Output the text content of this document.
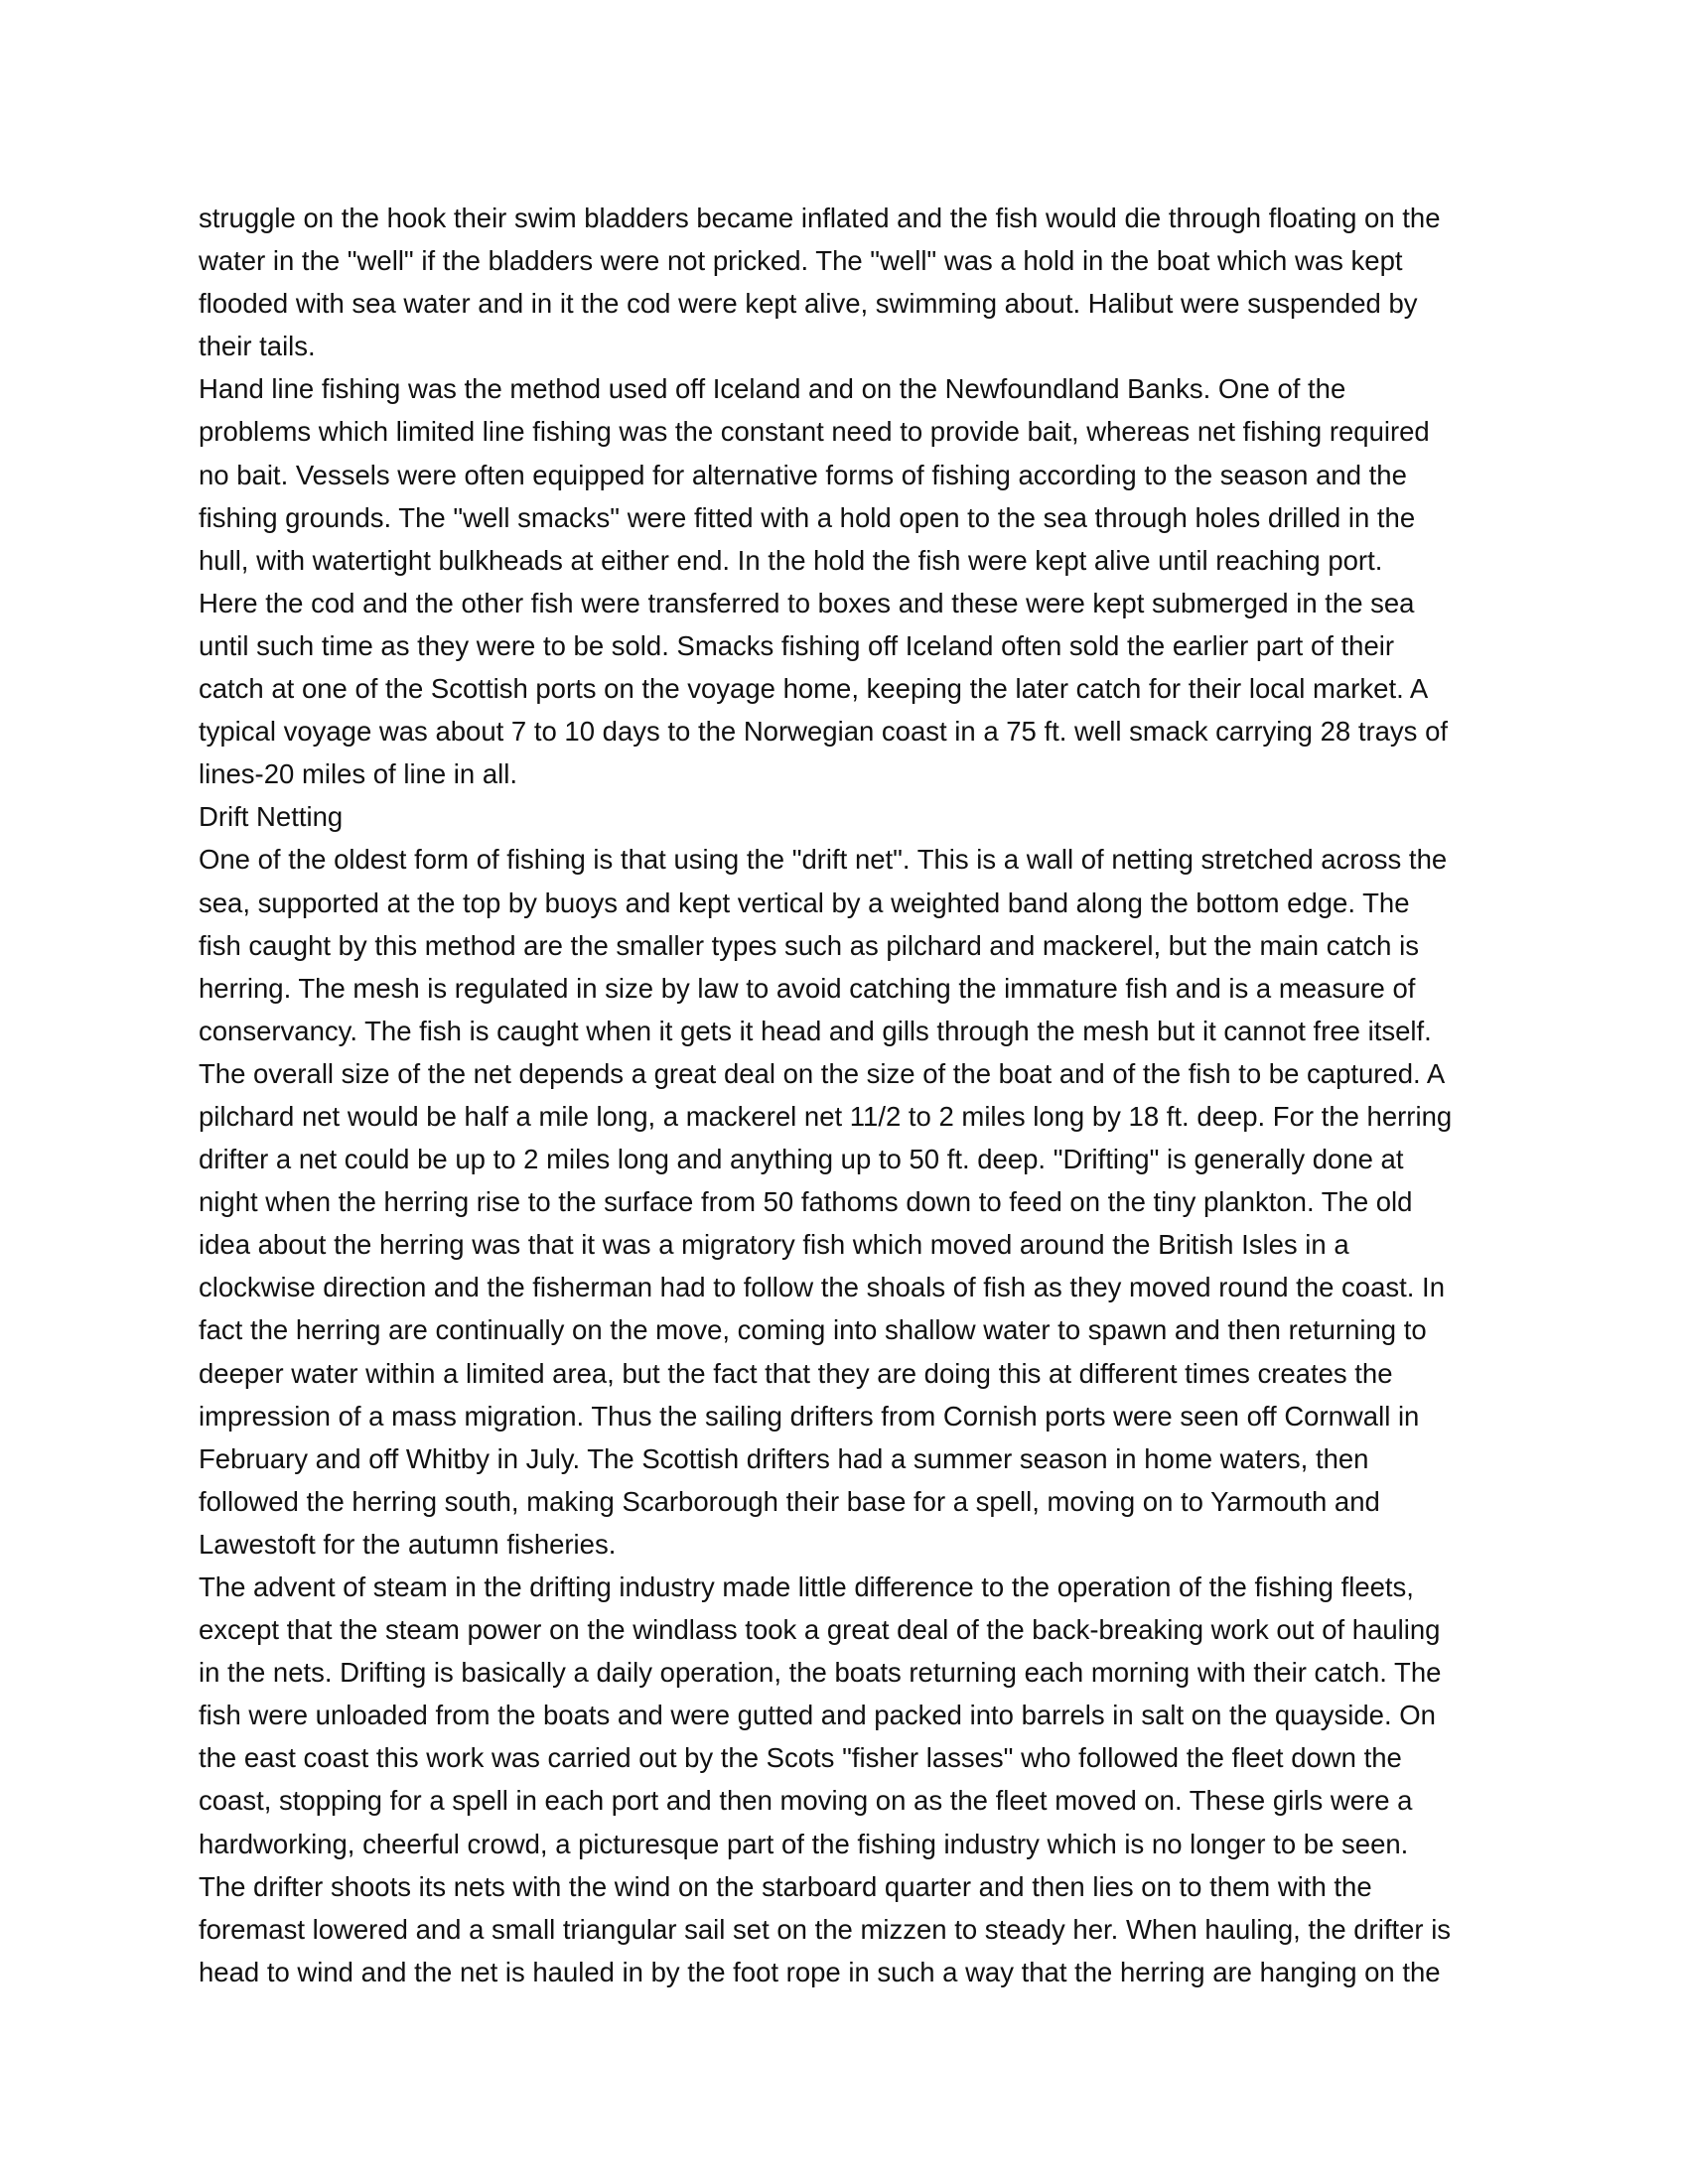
struggle on the hook their swim bladders became inflated and the fish would die through floating on the
water in the "well" if the bladders were not pricked. The "well" was a hold in the boat which was kept
flooded with sea water and in it the cod were kept alive, swimming about. Halibut were suspended by
their tails.

Hand line fishing was the method used off Iceland and on the Newfoundland Banks. One of the
problems which limited line fishing was the constant need to provide bait, whereas net fishing required
no bait. Vessels were often equipped for alternative forms of fishing according to the season and the
fishing grounds. The "well smacks" were fitted with a hold open to the sea through holes drilled in the
hull, with watertight bulkheads at either end. In the hold the fish were kept alive until reaching port.
Here the cod and the other fish were transferred to boxes and these were kept submerged in the sea
until such time as they were to be sold. Smacks fishing off Iceland often sold the earlier part of their
catch at one of the Scottish ports on the voyage home, keeping the later catch for their local market. A
typical voyage was about 7 to 10 days to the Norwegian coast in a 75 ft. well smack carrying 28 trays of
lines-20 miles of line in all.

Drift Netting

One of the oldest form of fishing is that using the "drift net". This is a wall of netting stretched across the
sea, supported at the top by buoys and kept vertical by a weighted band along the bottom edge. The
fish caught by this method are the smaller types such as pilchard and mackerel, but the main catch is
herring. The mesh is regulated in size by law to avoid catching the immature fish and is a measure of
conservancy. The fish is caught when it gets it head and gills through the mesh but it cannot free itself.
The overall size of the net depends a great deal on the size of the boat and of the fish to be captured. A
pilchard net would be half a mile long, a mackerel net 11/2 to 2 miles long by 18 ft. deep. For the herring
drifter a net could be up to 2 miles long and anything up to 50 ft. deep. "Drifting" is generally done at
night when the herring rise to the surface from 50 fathoms down to feed on the tiny plankton. The old
idea about the herring was that it was a migratory fish which moved around the British Isles in a
clockwise direction and the fisherman had to follow the shoals of fish as they moved round the coast. In
fact the herring are continually on the move, coming into shallow water to spawn and then returning to
deeper water within a limited area, but the fact that they are doing this at different times creates the
impression of a mass migration. Thus the sailing drifters from Cornish ports were seen off Cornwall in
February and off Whitby in July. The Scottish drifters had a summer season in home waters, then
followed the herring south, making Scarborough their base for a spell, moving on to Yarmouth and
Lawestoft for the autumn fisheries.

The advent of steam in the drifting industry made little difference to the operation of the fishing fleets,
except that the steam power on the windlass took a great deal of the back-breaking work out of hauling
in the nets. Drifting is basically a daily operation, the boats returning each morning with their catch. The
fish were unloaded from the boats and were gutted and packed into barrels in salt on the quayside. On
the east coast this work was carried out by the Scots "fisher lasses" who followed the fleet down the
coast, stopping for a spell in each port and then moving on as the fleet moved on. These girls were a
hardworking, cheerful crowd, a picturesque part of the fishing industry which is no longer to be seen.

The drifter shoots its nets with the wind on the starboard quarter and then lies on to them with the
foremast lowered and a small triangular sail set on the mizzen to steady her. When hauling, the drifter is
head to wind and the net is hauled in by the foot rope in such a way that the herring are hanging on the
